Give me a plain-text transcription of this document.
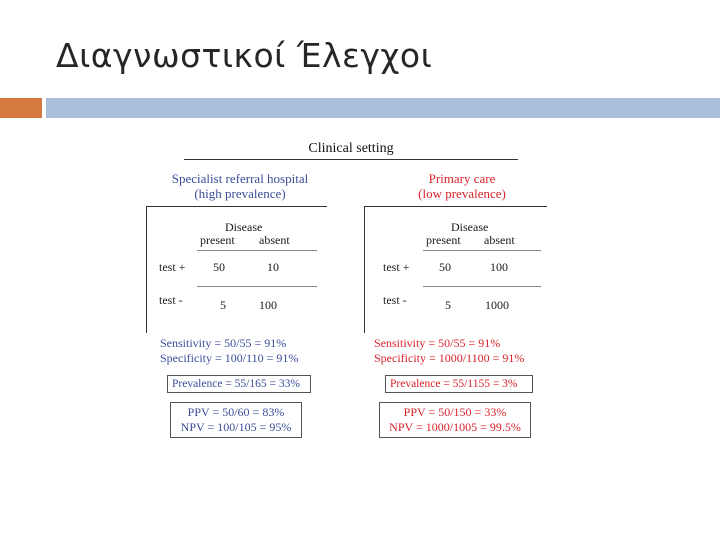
Διαγνωστικοί Έλεγχοι
Clinical setting
Specialist referral hospital
(high prevalence)
Disease
present absent
test + 50	10
test -	5	100
Sensitivity = 50/55 = 91%
Specificity = 100/110 = 91%
Prevalence = 55/165 = 33%
PPV = 50/60 = 83%
NPV = 100/105 = 95%
Primary care
(low prevalence)
Disease
present absent
test + 50	100
test -	5	1000
Sensitivity = 50/55 = 91%
Specificity = 1000/1100 = 91%
Prevalence = 55/1155 = 3%
PPV = 50/150 = 33%
NPV = 1000/1005 = 99.5%
